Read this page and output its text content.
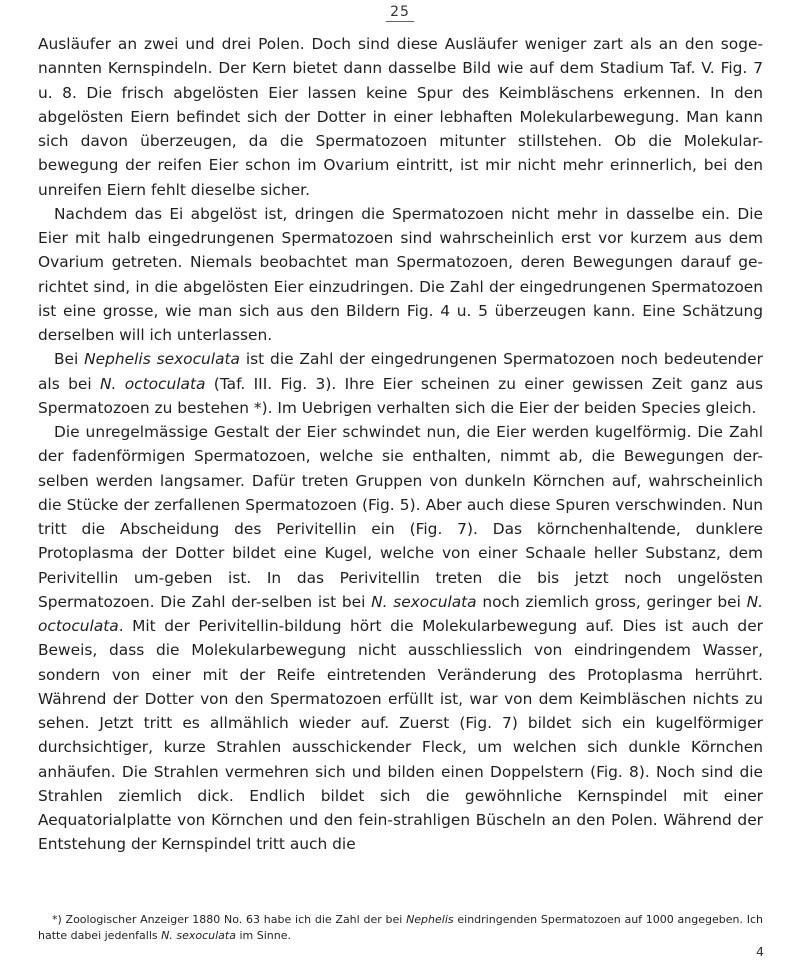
25

Ausläufer an zwei und drei Polen. Doch sind diese Ausläufer weniger zart als an den soge-nannten Kernspindeln. Der Kern bietet dann dasselbe Bild wie auf dem Stadium Taf. V. Fig. 7 u. 8. Die frisch abgelösten Eier lassen keine Spur des Keimbläschens erkennen. In den abgelösten Eiern befindet sich der Dotter in einer lebhaften Molekularbewegung. Man kann sich davon überzeugen, da die Spermatozoen mitunter stillstehen. Ob die Molekular-bewegung der reifen Eier schon im Ovarium eintritt, ist mir nicht mehr erinnerlich, bei den unreifen Eiern fehlt dieselbe sicher.

Nachdem das Ei abgelöst ist, dringen die Spermatozoen nicht mehr in dasselbe ein. Die Eier mit halb eingedrungenen Spermatozoen sind wahrscheinlich erst vor kurzem aus dem Ovarium getreten. Niemals beobachtet man Spermatozoen, deren Bewegungen darauf ge-richtet sind, in die abgelösten Eier einzudringen. Die Zahl der eingedrungenen Spermatozoen ist eine grosse, wie man sich aus den Bildern Fig. 4 u. 5 überzeugen kann. Eine Schätzung derselben will ich unterlassen.

Bei Nephelis sexoculata ist die Zahl der eingedrungenen Spermatozoen noch bedeutender als bei N. octoculata (Taf. III. Fig. 3). Ihre Eier scheinen zu einer gewissen Zeit ganz aus Spermatozoen zu bestehen *). Im Uebrigen verhalten sich die Eier der beiden Species gleich.

Die unregelmässige Gestalt der Eier schwindet nun, die Eier werden kugelförmig. Die Zahl der fadenförmigen Spermatozoen, welche sie enthalten, nimmt ab, die Bewegungen der-selben werden langsamer. Dafür treten Gruppen von dunkeln Körnchen auf, wahrscheinlich die Stücke der zerfallenen Spermatozoen (Fig. 5). Aber auch diese Spuren verschwinden. Nun tritt die Abscheidung des Perivitellin ein (Fig. 7). Das körnchenhaltende, dunklere Protoplasma der Dotter bildet eine Kugel, welche von einer Schaale heller Substanz, dem Perivitellin um-geben ist. In das Perivitellin treten die bis jetzt noch ungelösten Spermatozoen. Die Zahl der-selben ist bei N. sexoculata noch ziemlich gross, geringer bei N. octoculata. Mit der Perivitellin-bildung hört die Molekularbewegung auf. Dies ist auch der Beweis, dass die Molekularbewegung nicht ausschliesslich von eindringendem Wasser, sondern von einer mit der Reife eintretenden Veränderung des Protoplasma herrührt. Während der Dotter von den Spermatozoen erfüllt ist, war von dem Keimbläschen nichts zu sehen. Jetzt tritt es allmählich wieder auf. Zuerst (Fig. 7) bildet sich ein kugelförmiger durchsichtiger, kurze Strahlen ausschickender Fleck, um welchen sich dunkle Körnchen anhäufen. Die Strahlen vermehren sich und bilden einen Doppelstern (Fig. 8). Noch sind die Strahlen ziemlich dick. Endlich bildet sich die gewöhnliche Kernspindel mit einer Aequatorialplatte von Körnchen und den fein-strahligen Büscheln an den Polen. Während der Entstehung der Kernspindel tritt auch die

*) Zoologischer Anzeiger 1880 No. 63 habe ich die Zahl der bei Nephelis eindringenden Spermatozoen auf 1000 angegeben. Ich hatte dabei jedenfalls N. sexoculata im Sinne.
4
